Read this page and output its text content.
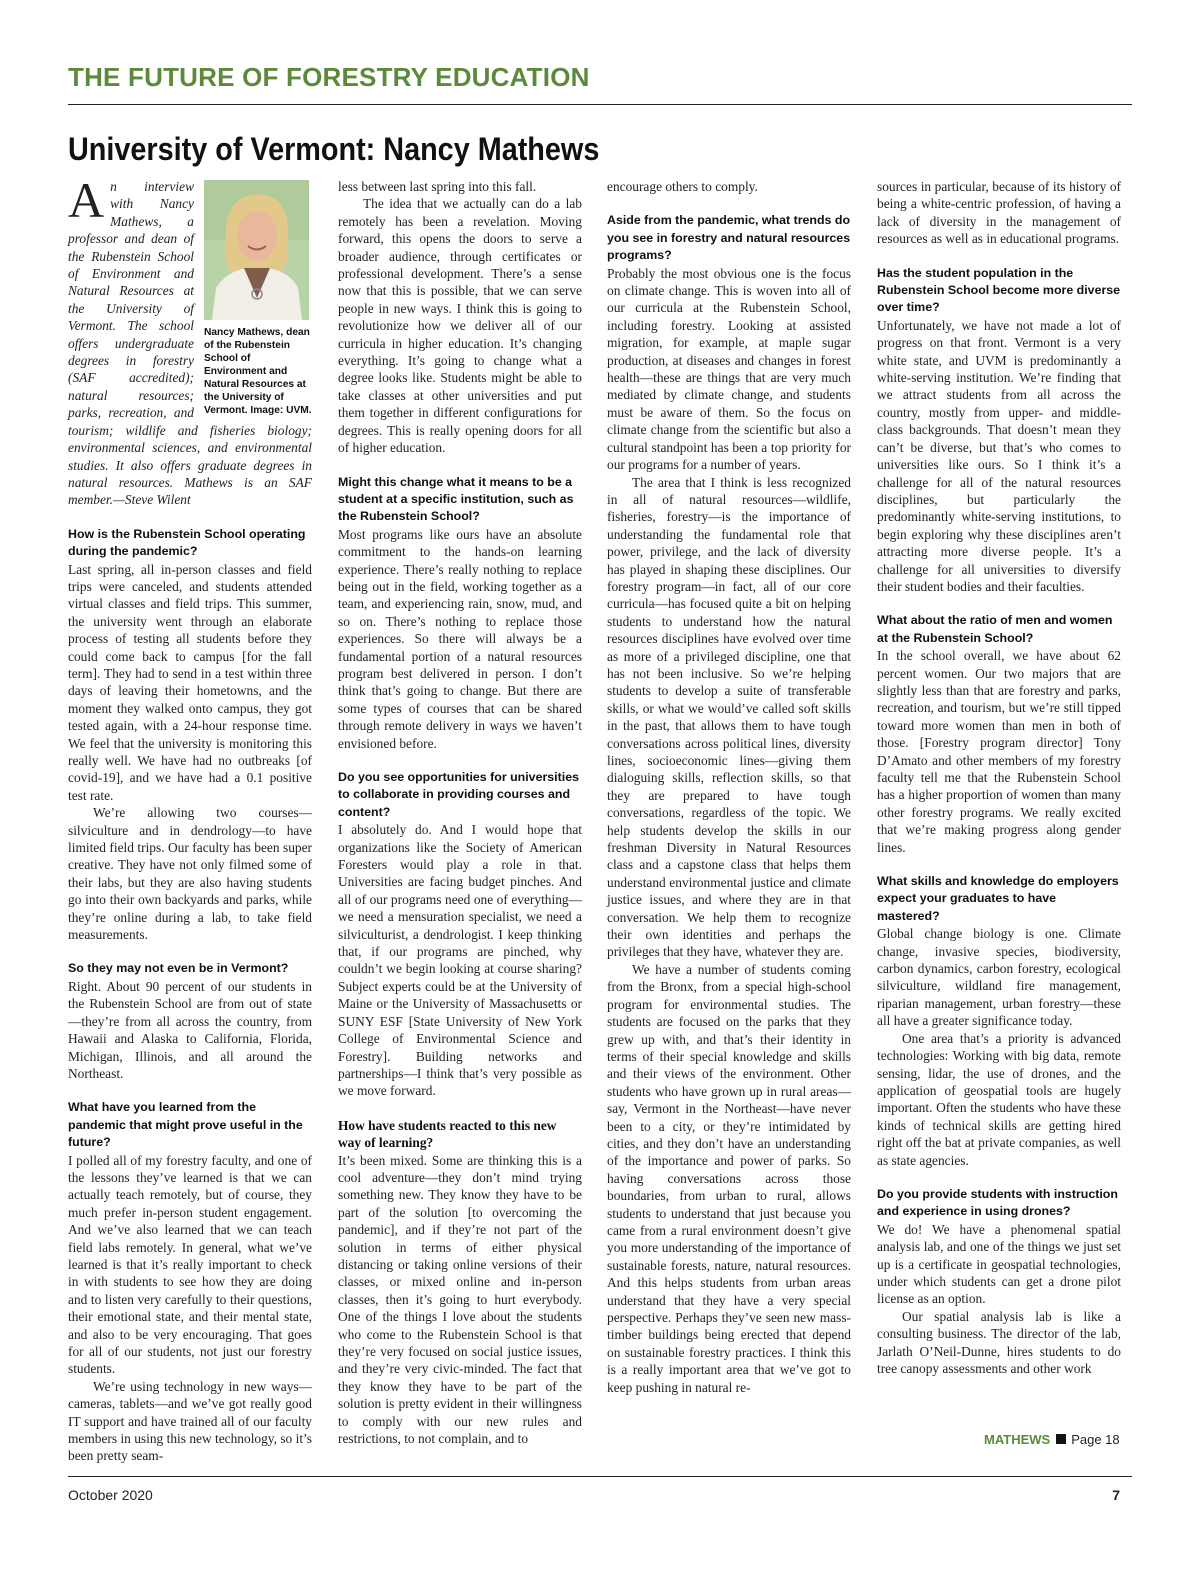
THE FUTURE OF FORESTRY EDUCATION
University of Vermont: Nancy Mathews
Nancy Mathews, dean of the Rubenstein School of Environment and Natural Resources at the University of Vermont. Image: UVM.

An interview with Nancy Mathews, a professor and dean of the Rubenstein School of Environment and Natural Resources at the University of Vermont. The school offers undergraduate degrees in forestry (SAF accredited); natural resources; parks, recreation, and tourism; wildlife and fisheries biology; environmental sciences, and environmental studies. It also offers graduate degrees in natural resources. Mathews is an SAF member.—Steve Wilent

How is the Rubenstein School operating during the pandemic?

Last spring, all in-person classes and field trips were canceled, and students attended virtual classes and field trips. This summer, the university went through an elaborate process of testing all students before they could come back to campus [for the fall term]. They had to send in a test within three days of leaving their hometowns, and the moment they walked onto campus, they got tested again, with a 24-hour response time. We feel that the university is monitoring this really well. We have had no outbreaks [of covid-19], and we have had a 0.1 positive test rate.

We’re allowing two courses—silviculture and in dendrology—to have limited field trips. Our faculty has been super creative. They have not only filmed some of their labs, but they are also having students go into their own backyards and parks, while they’re online during a lab, to take field measurements.

So they may not even be in Vermont?

Right. About 90 percent of our students in the Rubenstein School are from out of state—they’re from all across the country, from Hawaii and Alaska to California, Florida, Michigan, Illinois, and all around the Northeast.

What have you learned from the pandemic that might prove useful in the future?

I polled all of my forestry faculty, and one of the lessons they’ve learned is that we can actually teach remotely, but of course, they much prefer in-person student engagement. And we’ve also learned that we can teach field labs remotely. In general, what we’ve learned is that it’s really important to check in with students to see how they are doing and to listen very carefully to their questions, their emotional state, and their mental state, and also to be very encouraging. That goes for all of our students, not just our forestry students.

We’re using technology in new ways—cameras, tablets—and we’ve got really good IT support and have trained all of our faculty members in using this new technology, so it’s been pretty seam-

less between last spring into this fall.

The idea that we actually can do a lab remotely has been a revelation. Moving forward, this opens the doors to serve a broader audience, through certificates or professional development. There’s a sense now that this is possible, that we can serve people in new ways. I think this is going to revolutionize how we deliver all of our curricula in higher education. It’s changing everything. It’s going to change what a degree looks like. Students might be able to take classes at other universities and put them together in different configurations for degrees. This is really opening doors for all of higher education.

Might this change what it means to be a student at a specific institution, such as the Rubenstein School?

Most programs like ours have an absolute commitment to the hands-on learning experience. There’s really nothing to replace being out in the field, working together as a team, and experiencing rain, snow, mud, and so on. There’s nothing to replace those experiences. So there will always be a fundamental portion of a natural resources program best delivered in person. I don’t think that’s going to change. But there are some types of courses that can be shared through remote delivery in ways we haven’t envisioned before.

Do you see opportunities for universities to collaborate in providing courses and content?

I absolutely do. And I would hope that organizations like the Society of American Foresters would play a role in that. Universities are facing budget pinches. And all of our programs need one of everything—we need a mensuration specialist, we need a silviculturist, a dendrologist. I keep thinking that, if our programs are pinched, why couldn’t we begin looking at course sharing? Subject experts could be at the University of Maine or the University of Massachusetts or SUNY ESF [State University of New York College of Environmental Science and Forestry]. Building networks and partnerships—I think that’s very possible as we move forward.

How have students reacted to this new way of learning?

It’s been mixed. Some are thinking this is a cool adventure—they don’t mind trying something new. They know they have to be part of the solution [to overcoming the pandemic], and if they’re not part of the solution in terms of either physical distancing or taking online versions of their classes, or mixed online and in-person classes, then it’s going to hurt everybody. One of the things I love about the students who come to the Rubenstein School is that they’re very focused on social justice issues, and they’re very civic-minded. The fact that they know they have to be part of the solution is pretty evident in their willingness to comply with our new rules and restrictions, to not complain, and to

encourage others to comply.

Aside from the pandemic, what trends do you see in forestry and natural resources programs?

Probably the most obvious one is the focus on climate change. This is woven into all of our curricula at the Rubenstein School, including forestry. Looking at assisted migration, for example, at maple sugar production, at diseases and changes in forest health—these are things that are very much mediated by climate change, and students must be aware of them. So the focus on climate change from the scientific but also a cultural standpoint has been a top priority for our programs for a number of years.

The area that I think is less recognized in all of natural resources—wildlife, fisheries, forestry—is the importance of understanding the fundamental role that power, privilege, and the lack of diversity has played in shaping these disciplines. Our forestry program—in fact, all of our core curricula—has focused quite a bit on helping students to understand how the natural resources disciplines have evolved over time as more of a privileged discipline, one that has not been inclusive. So we’re helping students to develop a suite of transferable skills, or what we would’ve called soft skills in the past, that allows them to have tough conversations across political lines, diversity lines, socioeconomic lines—giving them dialoguing skills, reflection skills, so that they are prepared to have tough conversations, regardless of the topic. We help students develop the skills in our freshman Diversity in Natural Resources class and a capstone class that helps them understand environmental justice and climate justice issues, and where they are in that conversation. We help them to recognize their own identities and perhaps the privileges that they have, whatever they are.

We have a number of students coming from the Bronx, from a special high-school program for environmental studies. The students are focused on the parks that they grew up with, and that’s their identity in terms of their special knowledge and skills and their views of the environment. Other students who have grown up in rural areas—say, Vermont in the Northeast—have never been to a city, or they’re intimidated by cities, and they don’t have an understanding of the importance and power of parks. So having conversations across those boundaries, from urban to rural, allows students to understand that just because you came from a rural environment doesn’t give you more understanding of the importance of sustainable forests, nature, natural resources. And this helps students from urban areas understand that they have a very special perspective. Perhaps they’ve seen new mass-timber buildings being erected that depend on sustainable forestry practices. I think this is a really important area that we’ve got to keep pushing in natural re-

sources in particular, because of its history of being a white-centric profession, of having a lack of diversity in the management of resources as well as in educational programs.

Has the student population in the Rubenstein School become more diverse over time?

Unfortunately, we have not made a lot of progress on that front. Vermont is a very white state, and UVM is predominantly a white-serving institution. We’re finding that we attract students from all across the country, mostly from upper- and middle-class backgrounds. That doesn’t mean they can’t be diverse, but that’s who comes to universities like ours. So I think it’s a challenge for all of the natural resources disciplines, but particularly the predominantly white-serving institutions, to begin exploring why these disciplines aren’t attracting more diverse people. It’s a challenge for all universities to diversify their student bodies and their faculties.

What about the ratio of men and women at the Rubenstein School?

In the school overall, we have about 62 percent women. Our two majors that are slightly less than that are forestry and parks, recreation, and tourism, but we’re still tipped toward more women than men in both of those. [Forestry program director] Tony D’Amato and other members of my forestry faculty tell me that the Rubenstein School has a higher proportion of women than many other forestry programs. We really excited that we’re making progress along gender lines.

What skills and knowledge do employers expect your graduates to have mastered?

Global change biology is one. Climate change, invasive species, biodiversity, carbon dynamics, carbon forestry, ecological silviculture, wildland fire management, riparian management, urban forestry—these all have a greater significance today.

One area that’s a priority is advanced technologies: Working with big data, remote sensing, lidar, the use of drones, and the application of geospatial tools are hugely important. Often the students who have these kinds of technical skills are getting hired right off the bat at private companies, as well as state agencies.

Do you provide students with instruction and experience in using drones?

We do! We have a phenomenal spatial analysis lab, and one of the things we just set up is a certificate in geospatial technologies, under which students can get a drone pilot license as an option.

Our spatial analysis lab is like a consulting business. The director of the lab, Jarlath O’Neil-Dunne, hires students to do tree canopy assessments and other work

MATHEWS Page 18
October 2020	7
